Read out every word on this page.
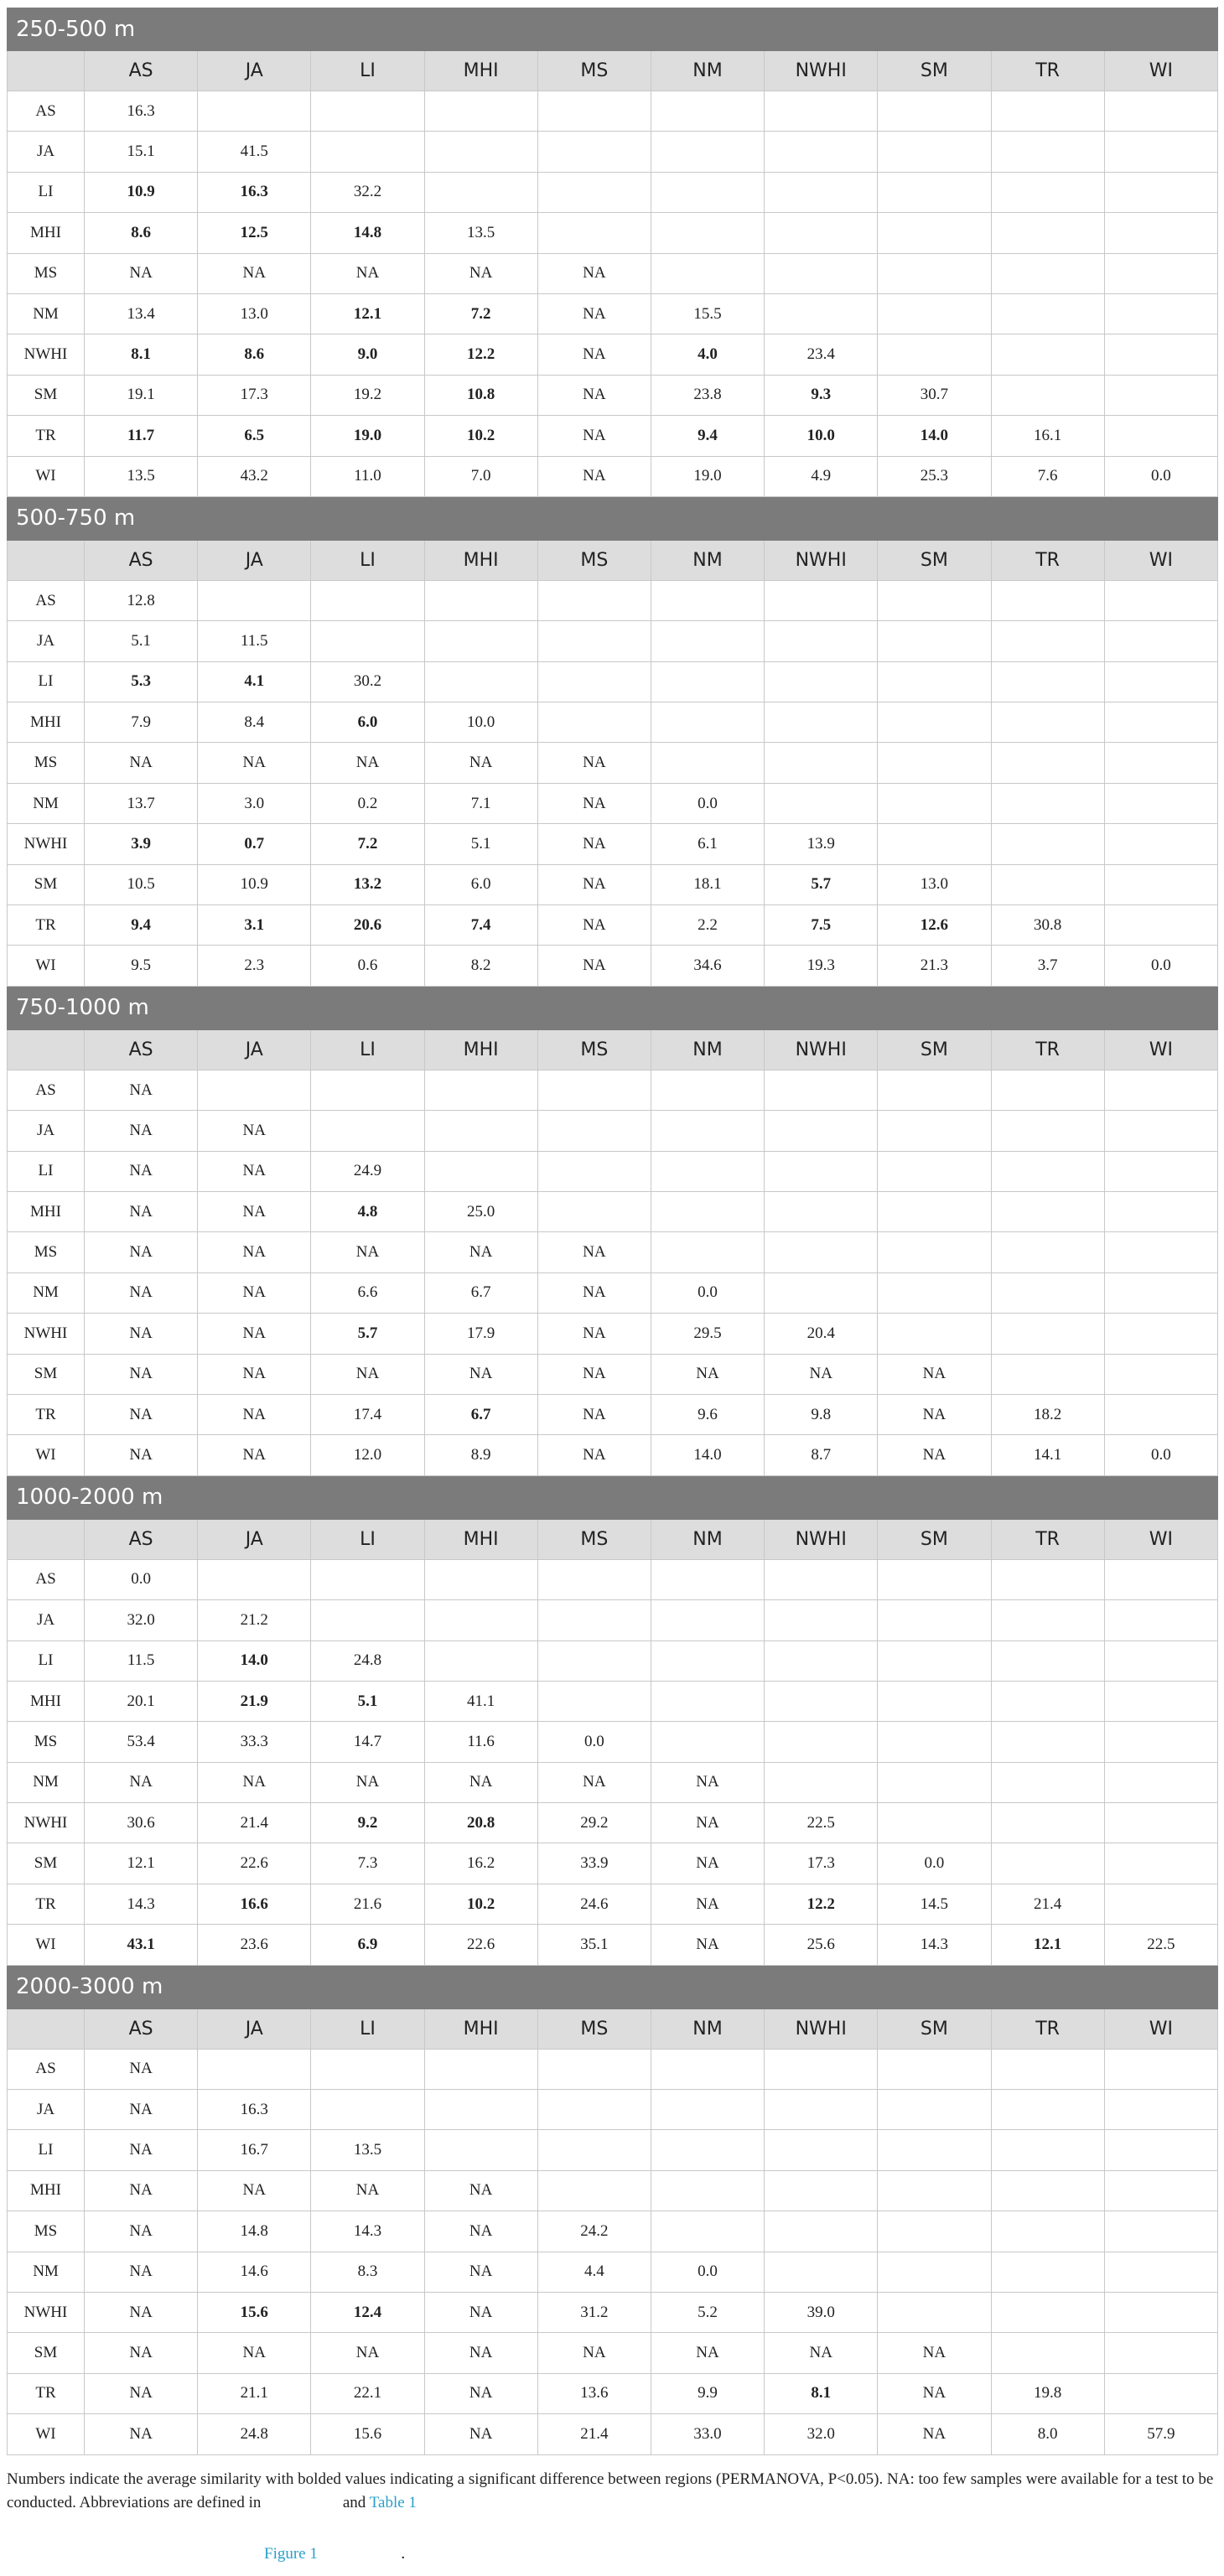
250-500 m										
	AS	JA	LI	MHI	MS	NM	NWHI	SM	TR	WI
AS	16.3									
JA	15.1	41.5								
LI	10.9	16.3	32.2							
MHI	8.6	12.5	14.8	13.5						
MS	NA	NA	NA	NA	NA					
NM	13.4	13.0	12.1	7.2	NA	15.5				
NWHI	8.1	8.6	9.0	12.2	NA	4.0	23.4			
SM	19.1	17.3	19.2	10.8	NA	23.8	9.3	30.7		
TR	11.7	6.5	19.0	10.2	NA	9.4	10.0	14.0	16.1	
WI	13.5	43.2	11.0	7.0	NA	19.0	4.9	25.3	7.6	0.0
500-750 m										
	AS	JA	LI	MHI	MS	NM	NWHI	SM	TR	WI
AS	12.8									
JA	5.1	11.5								
LI	5.3	4.1	30.2							
MHI	7.9	8.4	6.0	10.0						
MS	NA	NA	NA	NA	NA					
NM	13.7	3.0	0.2	7.1	NA	0.0				
NWHI	3.9	0.7	7.2	5.1	NA	6.1	13.9			
SM	10.5	10.9	13.2	6.0	NA	18.1	5.7	13.0		
TR	9.4	3.1	20.6	7.4	NA	2.2	7.5	12.6	30.8	
WI	9.5	2.3	0.6	8.2	NA	34.6	19.3	21.3	3.7	0.0
750-1000 m										
	AS	JA	LI	MHI	MS	NM	NWHI	SM	TR	WI
AS	NA									
JA	NA	NA								
LI	NA	NA	24.9							
MHI	NA	NA	4.8	25.0						
MS	NA	NA	NA	NA	NA					
NM	NA	NA	6.6	6.7	NA	0.0				
NWHI	NA	NA	5.7	17.9	NA	29.5	20.4			
SM	NA	NA	NA	NA	NA	NA	NA	NA		
TR	NA	NA	17.4	6.7	NA	9.6	9.8	NA	18.2	
WI	NA	NA	12.0	8.9	NA	14.0	8.7	NA	14.1	0.0
1000-2000 m										
	AS	JA	LI	MHI	MS	NM	NWHI	SM	TR	WI
AS	0.0									
JA	32.0	21.2								
LI	11.5	14.0	24.8							
MHI	20.1	21.9	5.1	41.1						
MS	53.4	33.3	14.7	11.6	0.0					
NM	NA	NA	NA	NA	NA	NA				
NWHI	30.6	21.4	9.2	20.8	29.2	NA	22.5			
SM	12.1	22.6	7.3	16.2	33.9	NA	17.3	0.0		
TR	14.3	16.6	21.6	10.2	24.6	NA	12.2	14.5	21.4	
WI	43.1	23.6	6.9	22.6	35.1	NA	25.6	14.3	12.1	22.5
2000-3000 m										
	AS	JA	LI	MHI	MS	NM	NWHI	SM	TR	WI
AS	NA									
JA	NA	16.3								
LI	NA	16.7	13.5							
MHI	NA	NA	NA	NA						
MS	NA	14.8	14.3	NA	24.2					
NM	NA	14.6	8.3	NA	4.4	0.0				
NWHI	NA	15.6	12.4	NA	31.2	5.2	39.0			
SM	NA	NA	NA	NA	NA	NA	NA	NA		
TR	NA	21.1	22.1	NA	13.6	9.9	8.1	NA	19.8	
WI	NA	24.8	15.6	NA	21.4	33.0	32.0	NA	8.0	57.9
Numbers indicate the average similarity with bolded values indicating a significant difference between regions (PERMANOVA, P<0.05). NA: too few samples were available for a test to be conducted. Abbreviations are defined in	and Table 1
Figure 1	.
